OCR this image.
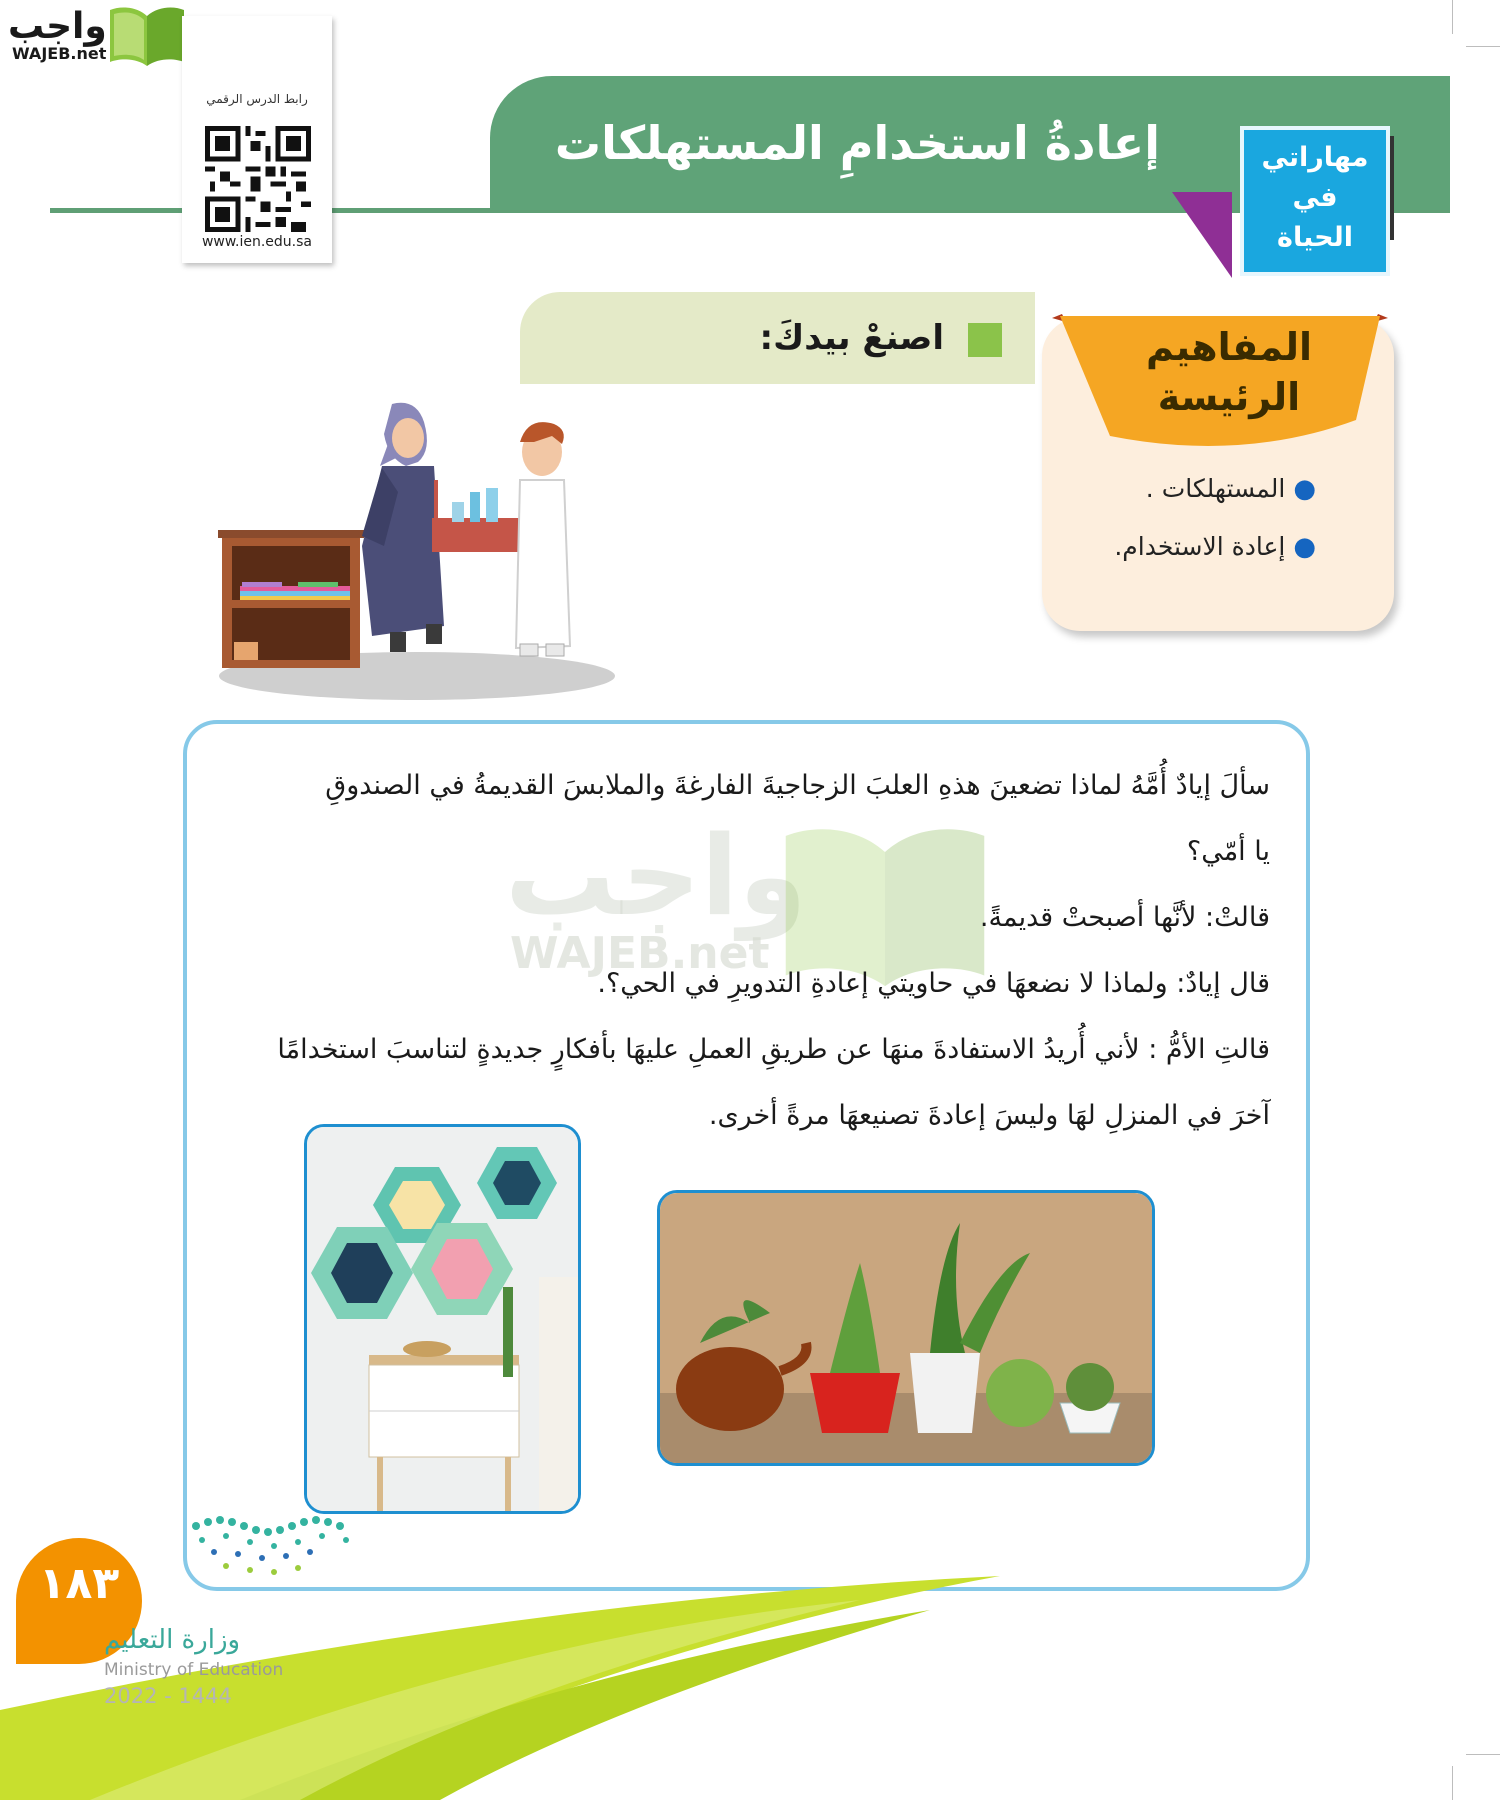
واجب
WAJEB.net
إعادةُ استخدامِ المستهلكات	مهاراتي
في
الحياة
رابط الدرس الرقمي
www.ien.edu.sa
المفاهيم
الرئيسة
●المستهلكات .
●إعادة الاستخدام.
اصنعْ بيدكَ:
واجب
WAJEB.net
سألَ إيادٌ أُمَّهُ لماذا تضعينَ هذهِ العلبَ الزجاجيةَ الفارغةَ والملابسَ القديمةُ في الصندوقِ
يا أمّي؟
قالتْ: لأنَّها أصبحتْ قديمةً.
قال إيادٌ: ولماذا لا نضعهَا في حاويتي إعادةِ التدويرِ في الحي؟.
قالتِ الأمُّ : لأني أُريدُ الاستفادةَ منهَا عن طريقِ العملِ عليهَا بأفكارٍ جديدةٍ لتناسبَ استخدامًا
آخرَ في المنزلِ لهَا وليسَ إعادةَ تصنيعهَا مرةً أخرى.
١٨٣
وزارة التعليم
Ministry of Education
2022 - 1444
